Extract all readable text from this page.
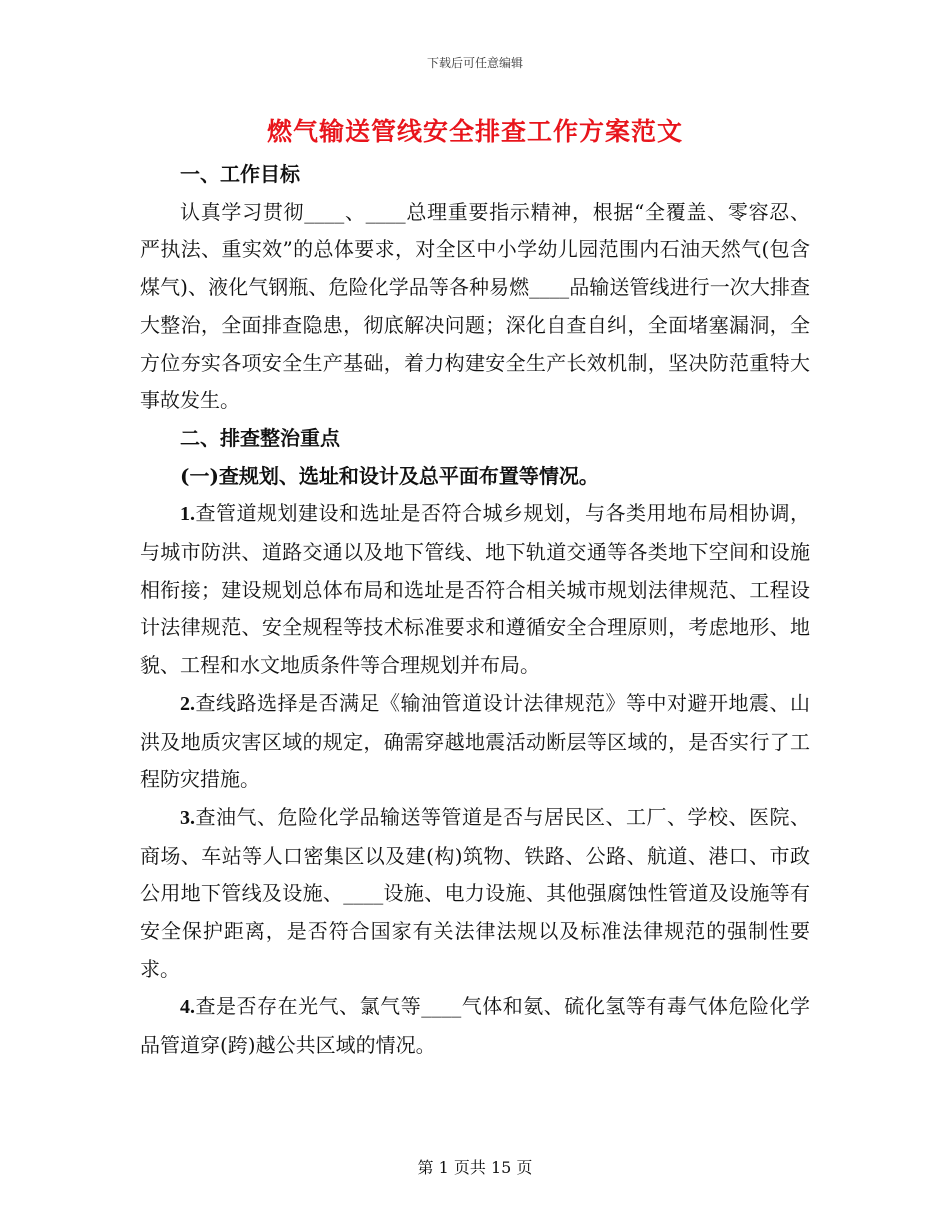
下载后可任意编辑
燃气输送管线安全排查工作方案范文

一、工作目标

认真学习贯彻____、____总理重要指示精神，根据“全覆盖、零容忍、严执法、重实效”的总体要求，对全区中小学幼儿园范围内石油天然气(包含煤气)、液化气钢瓶、危险化学品等各种易燃____品输送管线进行一次大排查大整治，全面排查隐患，彻底解决问题；深化自查自纠，全面堵塞漏洞，全方位夯实各项安全生产基础，着力构建安全生产长效机制，坚决防范重特大事故发生。

二、排查整治重点

(一)查规划、选址和设计及总平面布置等情况。

1.查管道规划建设和选址是否符合城乡规划，与各类用地布局相协调，与城市防洪、道路交通以及地下管线、地下轨道交通等各类地下空间和设施相衔接；建设规划总体布局和选址是否符合相关城市规划法律规范、工程设计法律规范、安全规程等技术标准要求和遵循安全合理原则，考虑地形、地貌、工程和水文地质条件等合理规划并布局。

2.查线路选择是否满足《输油管道设计法律规范》等中对避开地震、山洪及地质灾害区域的规定，确需穿越地震活动断层等区域的，是否实行了工程防灾措施。

3.查油气、危险化学品输送等管道是否与居民区、工厂、学校、医院、商场、车站等人口密集区以及建(构)筑物、铁路、公路、航道、港口、市政公用地下管线及设施、____设施、电力设施、其他强腐蚀性管道及设施等有安全保护距离，是否符合国家有关法律法规以及标准法律规范的强制性要求。

4.查是否存在光气、氯气等____气体和氨、硫化氢等有毒气体危险化学品管道穿(跨)越公共区域的情况。

第 1 页共 15 页
